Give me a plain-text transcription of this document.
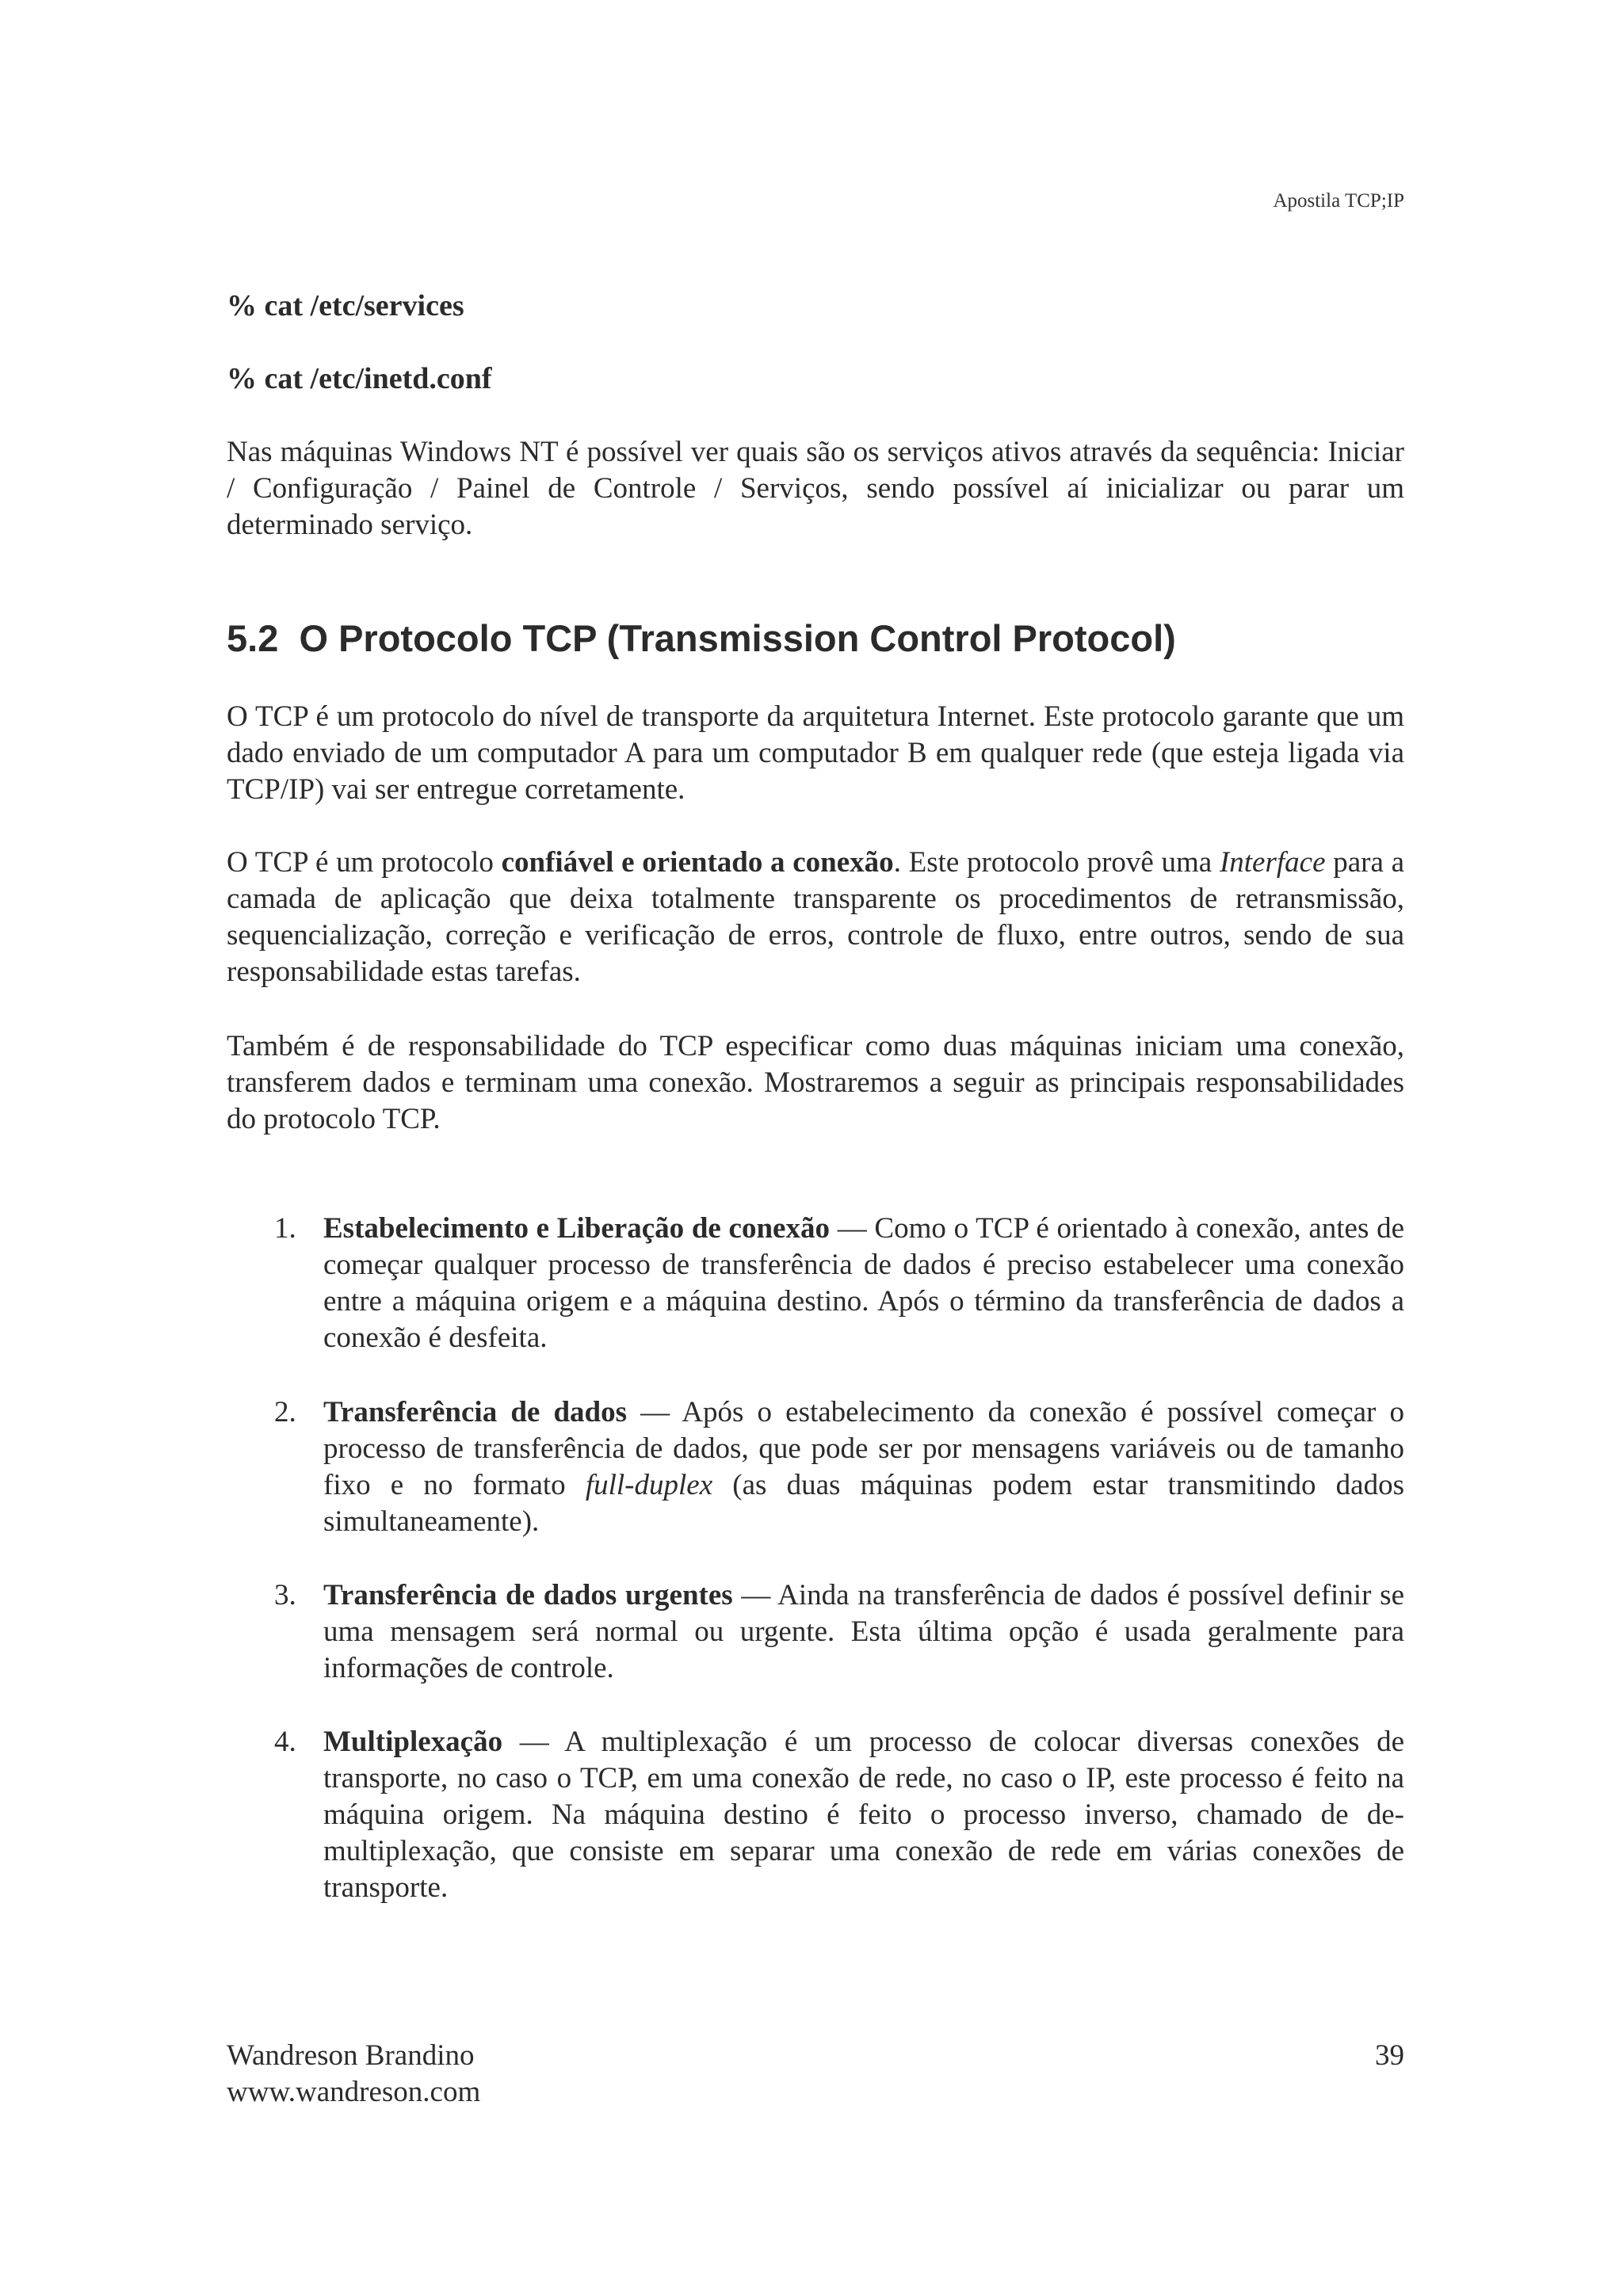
Apostila TCP;IP
% cat /etc/services
% cat /etc/inetd.conf
Nas máquinas Windows NT é possível ver quais são os serviços ativos através da sequência: Iniciar / Configuração / Painel de Controle / Serviços, sendo possível aí inicializar ou parar um determinado serviço.
5.2 O Protocolo TCP (Transmission Control Protocol)
O TCP é um protocolo do nível de transporte da arquitetura Internet. Este protocolo garante que um dado enviado de um computador A para um computador B em qualquer rede (que esteja ligada via TCP/IP) vai ser entregue corretamente.
O TCP é um protocolo confiável e orientado a conexão. Este protocolo provê uma Interface para a camada de aplicação que deixa totalmente transparente os procedimentos de retransmissão, sequencialização, correção e verificação de erros, controle de fluxo, entre outros, sendo de sua responsabilidade estas tarefas.
Também é de responsabilidade do TCP especificar como duas máquinas iniciam uma conexão, transferem dados e terminam uma conexão. Mostraremos a seguir as principais responsabilidades do protocolo TCP.
1. Estabelecimento e Liberação de conexão — Como o TCP é orientado à conexão, antes de começar qualquer processo de transferência de dados é preciso estabelecer uma conexão entre a máquina origem e a máquina destino. Após o término da transferência de dados a conexão é desfeita.
2. Transferência de dados — Após o estabelecimento da conexão é possível começar o processo de transferência de dados, que pode ser por mensagens variáveis ou de tamanho fixo e no formato full-duplex (as duas máquinas podem estar transmitindo dados simultaneamente).
3. Transferência de dados urgentes — Ainda na transferência de dados é possível definir se uma mensagem será normal ou urgente. Esta última opção é usada geralmente para informações de controle.
4. Multiplexação — A multiplexação é um processo de colocar diversas conexões de transporte, no caso o TCP, em uma conexão de rede, no caso o IP, este processo é feito na máquina origem. Na máquina destino é feito o processo inverso, chamado de de-multiplexação, que consiste em separar uma conexão de rede em várias conexões de transporte.
Wandreson Brandino
www.wandreson.com
39
